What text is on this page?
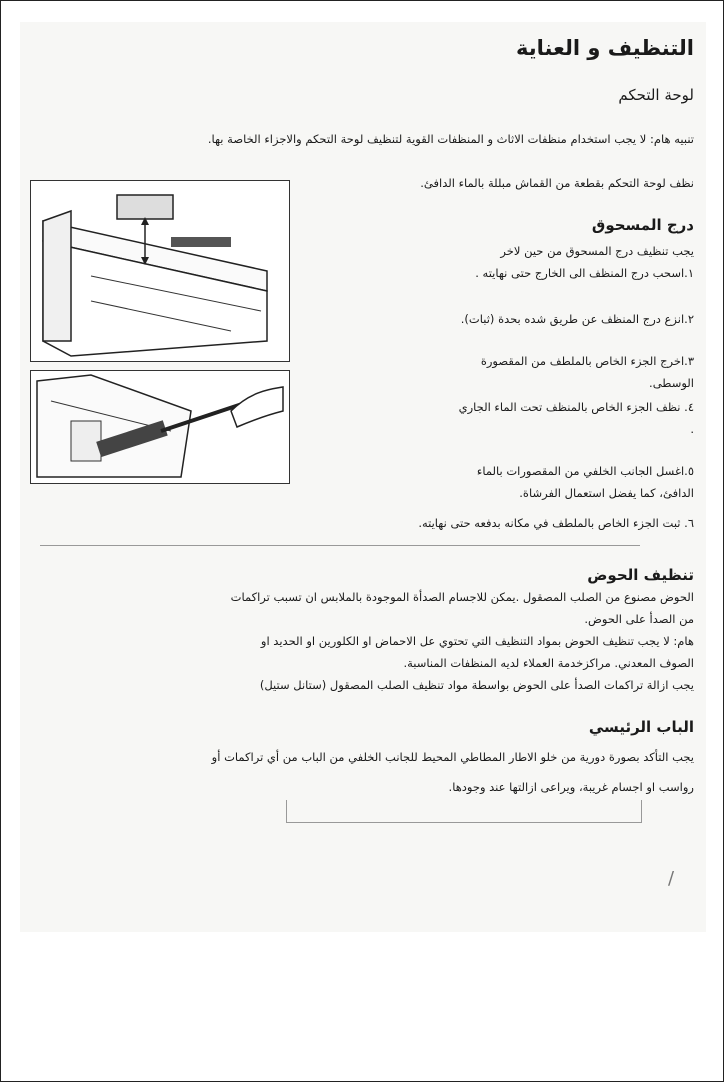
التنظيف و العناية
لوحة التحكم
تنبيه هام: لا يجب استخدام منظفات الاثاث و المنظفات القوية لتنظيف لوحة التحكم والاجزاء الخاصة بها.
نظف لوحة التحكم بقطعة من القماش مبللة بالماء الدافئ.
درج المسحوق
يجب تنظيف درج المسحوق من حين لاخر
١.اسحب درج المنظف الى الخارج حتى نهايته .
٢.انزع درج المنظف عن طريق شده بحدة (ثبات).
٣.اخرج الجزء الخاص بالملطف من المقصورة الوسطى.
٤. نظف الجزء الخاص بالمنظف تحت الماء الجاري .
٥.اغسل الجانب الخلفي من المقصورات بالماء الدافئ، كما يفضل استعمال الفرشاة.
٦. ثبت الجزء الخاص بالملطف في مكانه بدفعه حتى نهايته.
تنظيف الحوض
الحوض مصنوع من الصلب المصقول .يمكن للاجسام الصدأة الموجودة بالملابس ان تسبب تراكمات
من الصدأ على الحوض.
هام: لا يجب تنظيف الحوض بمواد التنظيف التي تحتوي عل الاحماض او الكلورين او الحديد او
الصوف المعدني. مراكزخدمة العملاء لديه المنظفات المناسبة.
يجب ازالة تراكمات الصدأ على الحوض بواسطة مواد تنظيف الصلب المصقول (ستانل ستيل)
الباب الرئيسي
يجب التأكد بصورة دورية من خلو الاطار المطاطي المحيط للجانب الخلفي من الباب من أي تراكمات أو
رواسب او اجسام غريبة، ويراعى ازالتها عند وجودها.
/
